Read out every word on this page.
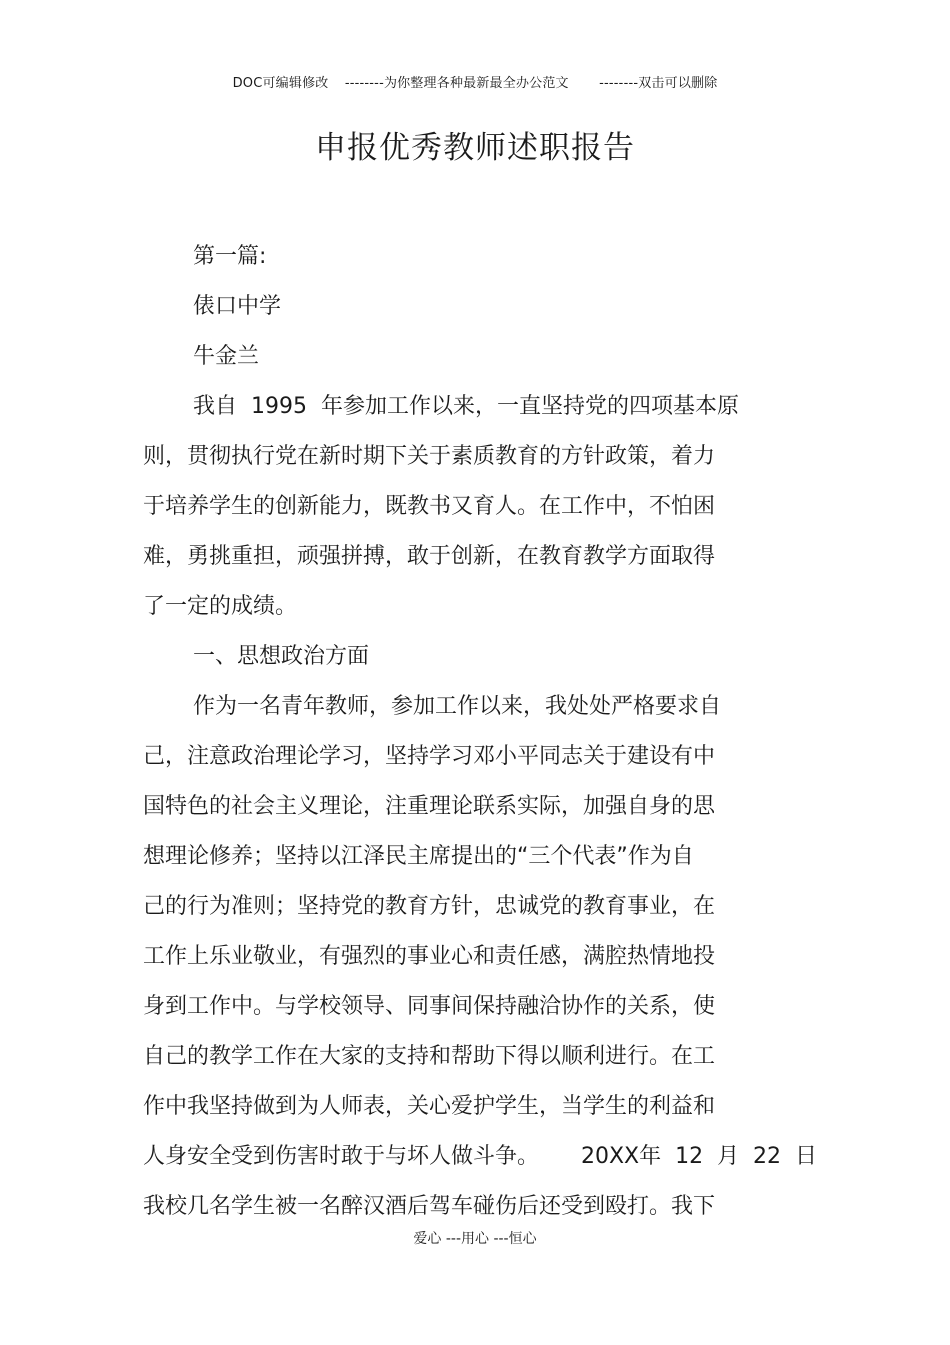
DOC可编辑修改 --------为你整理各种最新最全办公范文 --------双击可以删除
申报优秀教师述职报告
第一篇:
俵口中学
牛金兰
我自  1995  年参加工作以来，一直坚持党的四项基本原
则，贯彻执行党在新时期下关于素质教育的方针政策，着力
于培养学生的创新能力，既教书又育人。在工作中，不怕困
难，勇挑重担，顽强拼搏，敢于创新，在教育教学方面取得
了一定的成绩。
一、思想政治方面
作为一名青年教师，参加工作以来，我处处严格要求自
己，注意政治理论学习，坚持学习邓小平同志关于建设有中
国特色的社会主义理论，注重理论联系实际，加强自身的思
想理论修养；坚持以江泽民主席提出的“三个代表”作为自
己的行为准则；坚持党的教育方针，忠诚党的教育事业，在
工作上乐业敬业，有强烈的事业心和责任感，满腔热情地投
身到工作中。与学校领导、同事间保持融洽协作的关系，使
自己的教学工作在大家的支持和帮助下得以顺利进行。在工
作中我坚持做到为人师表，关心爱护学生，当学生的利益和
人身安全受到伤害时敢于与坏人做斗争。      20XX年  12  月  22  日
我校几名学生被一名醉汉酒后驾车碰伤后还受到殴打。我下
爱心 ---用心 ---恒心
